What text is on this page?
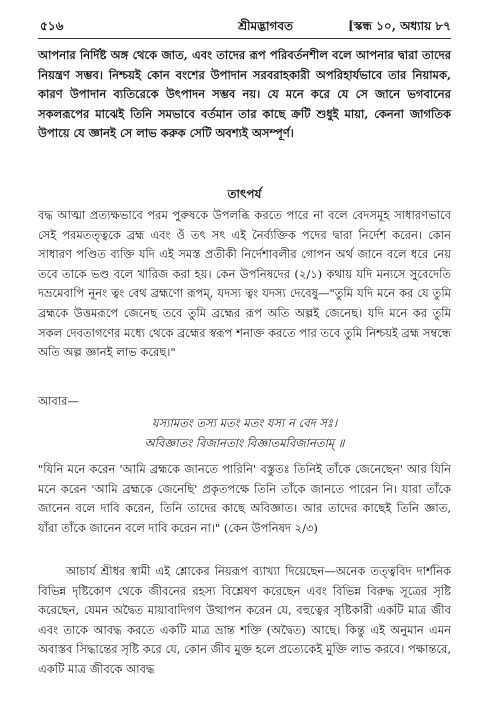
৫১৬	শ্রীমদ্ভাগবত	[স্কন্ধ ১০, অধ্যায় ৮৭

আপনার নির্দিষ্ট অঙ্গ থেকে জাত, এবং তাদের রূপ পরিবর্তনশীল বলে আপনার দ্বারা তাদের নিয়ন্ত্রণ সম্ভব। নিশ্চয়ই কোন বংশের উপাদান সরবরাহকারী অপরিহার্যভাবে তার নিয়ামক, কারণ উপাদান ব্যতিরেকে উৎপাদন সম্ভব নয়। যে মনে করে যে সে জানে ভগবানের সকলরূপের মাঝেই তিনি সমভাবে বর্তমান তার কাছে ক্রটি শুধুই মায়া, কেননা জাগতিক উপায়ে যে জ্ঞানই সে লাভ করুক সেটি অবশ্যই অসম্পূর্ণ।

তাৎপর্য

বদ্ধ আত্মা প্রত্যক্ষভাবে পরম পুরুষকে উপলব্ধি করতে পারে না বলে বেদসমূহ সাধারণভাবে সেই পরমতত্ত্বকে ব্রহ্ম এবং ওঁ তৎ সৎ এই নৈর্ব্যক্তিক পদের দ্বারা নির্দেশ করেন। কোন সাধারণ পণ্ডিত ব্যক্তি যদি এই সমস্ত প্রতীকী নির্দেশাবলীর গোপন অর্থ জানে বলে ধরে নেয় তবে তাকে ভণ্ড বলে খারিজ করা হয়। কেন উপনিষদের (২/১) কথায় যদি মন্যসে সুবেদেতি দভ্রমেবাপি নূনং ত্বং বেথ ব্রহ্মণো রূপম্, যদস্য ত্বং যদস্য দেবেষু—"তুমি যদি মনে কর যে তুমি ব্রহ্মকে উত্তমরূপে জেনেছ তবে তুমি ব্রহ্মের রূপ অতি অল্পই জেনেছ। যদি মনে কর তুমি সকল দেবতাগণের মধ্যে থেকে ব্রহ্মের স্বরূপ শনাক্ত করতে পার তবে তুমি নিশ্চয়ই ব্রহ্ম সম্বন্ধে অতি অল্প জ্ঞানই লাভ করেছ।"

আবার—

যস্যামতং তস্য মতং মতং যস্য ন বেদ সঃ।
অবিজ্ঞাতং বিজানতাং বিজ্ঞাতমবিজানতাম্ ॥

"যিনি মনে করেন 'আমি ব্রহ্মকে জানতে পারিনি' বস্তুতঃ তিনিই তাঁকে জেনেছেন' আর যিনি মনে করেন 'আমি ব্রহ্মকে জেনেছি' প্রকৃতপক্ষে তিনি তাঁকে জানতে পারেন নি। যারা তাঁকে জানেন বলে দাবি করেন, তিনি তাদের কাছে অবিজ্ঞাত। আর তাদের কাছেই তিনি জ্ঞাত, যাঁরা তাঁকে জানেন বলে দাবি করেন না।" (কেন উপনিষদ ২/৩)

আচার্য শ্রীধর স্বামী এই শ্লোকের নিয়রূপ ব্যাখ্যা দিয়েছেন—অনেক তত্ত্ববিদ দার্শনিক বিভিন্ন দৃষ্টিকোণ থেকে জীবনের রহস্য বিশ্লেষণ করেছেন এবং বিভিন্ন বিরুদ্ধ সূত্রের সৃষ্টি করেছেন, যেমন অদ্বৈত মায়াবাদিগণ উত্থাপন করেন যে, বহুত্বের সৃষ্টিকারী একটি মাত্র জীব এবং তাকে আবদ্ধ করতে একটি মাত্র ভ্রান্ত শক্তি (অদ্বৈত) আছে। কিন্তু এই অনুমান এমন অবাস্তব সিদ্ধান্তের সৃষ্টি করে যে, কোন জীব মুক্ত হলে প্রত্যেকেই মুক্তি লাভ করবে। পক্ষান্তরে, একটি মাত্র জীবকে আবদ্ধ
